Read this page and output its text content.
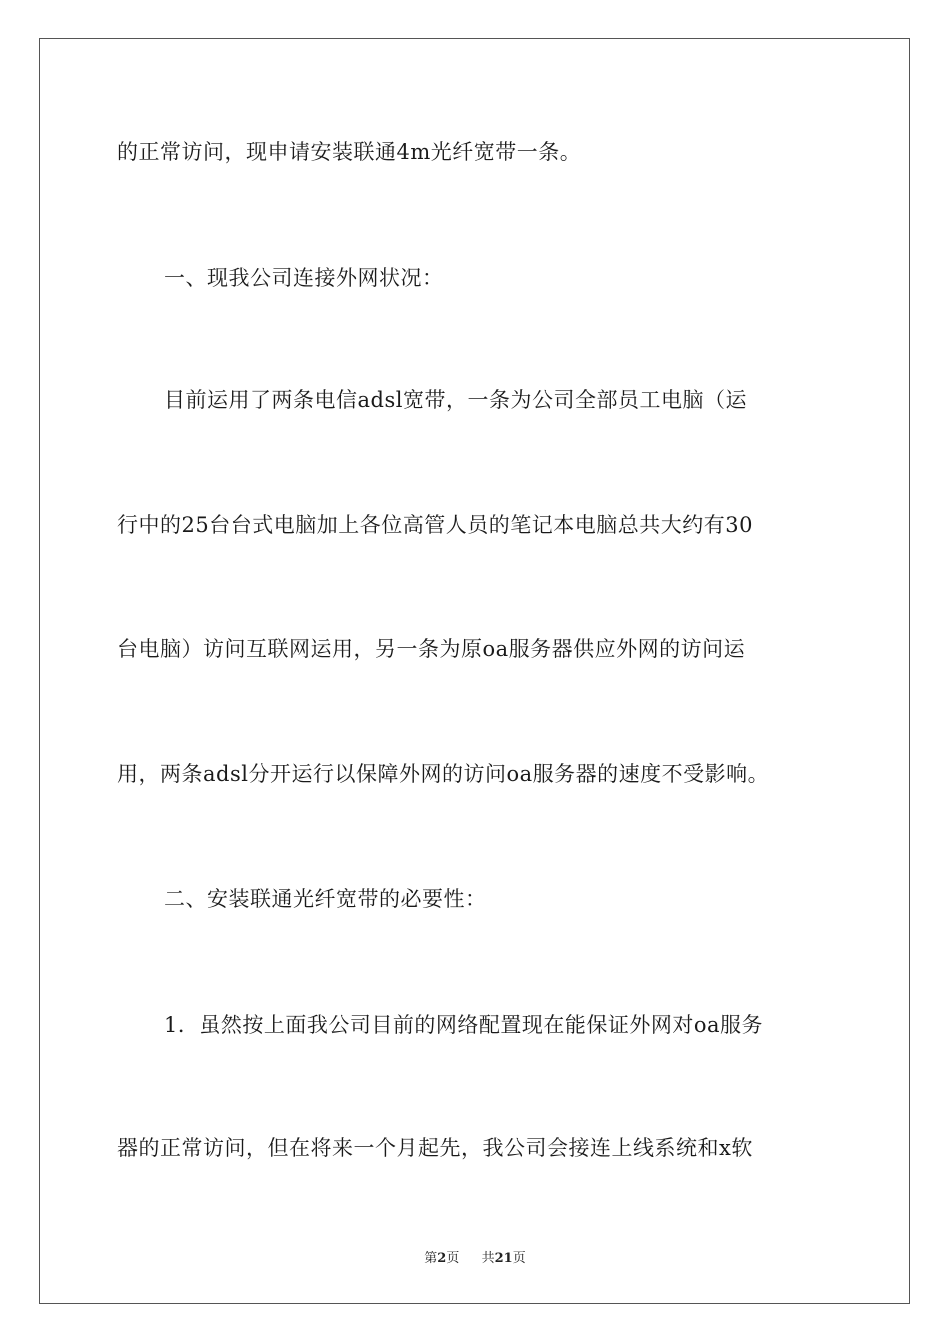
的正常访问，现申请安装联通4m光纤宽带一条。
一、现我公司连接外网状况：
目前运用了两条电信adsl宽带，一条为公司全部员工电脑（运
行中的25台台式电脑加上各位高管人员的笔记本电脑总共大约有30
台电脑）访问互联网运用，另一条为原oa服务器供应外网的访问运
用，两条adsl分开运行以保障外网的访问oa服务器的速度不受影响。
二、安装联通光纤宽带的必要性：
1．虽然按上面我公司目前的网络配置现在能保证外网对oa服务
器的正常访问，但在将来一个月起先，我公司会接连上线系统和x软
第2页 共21页
